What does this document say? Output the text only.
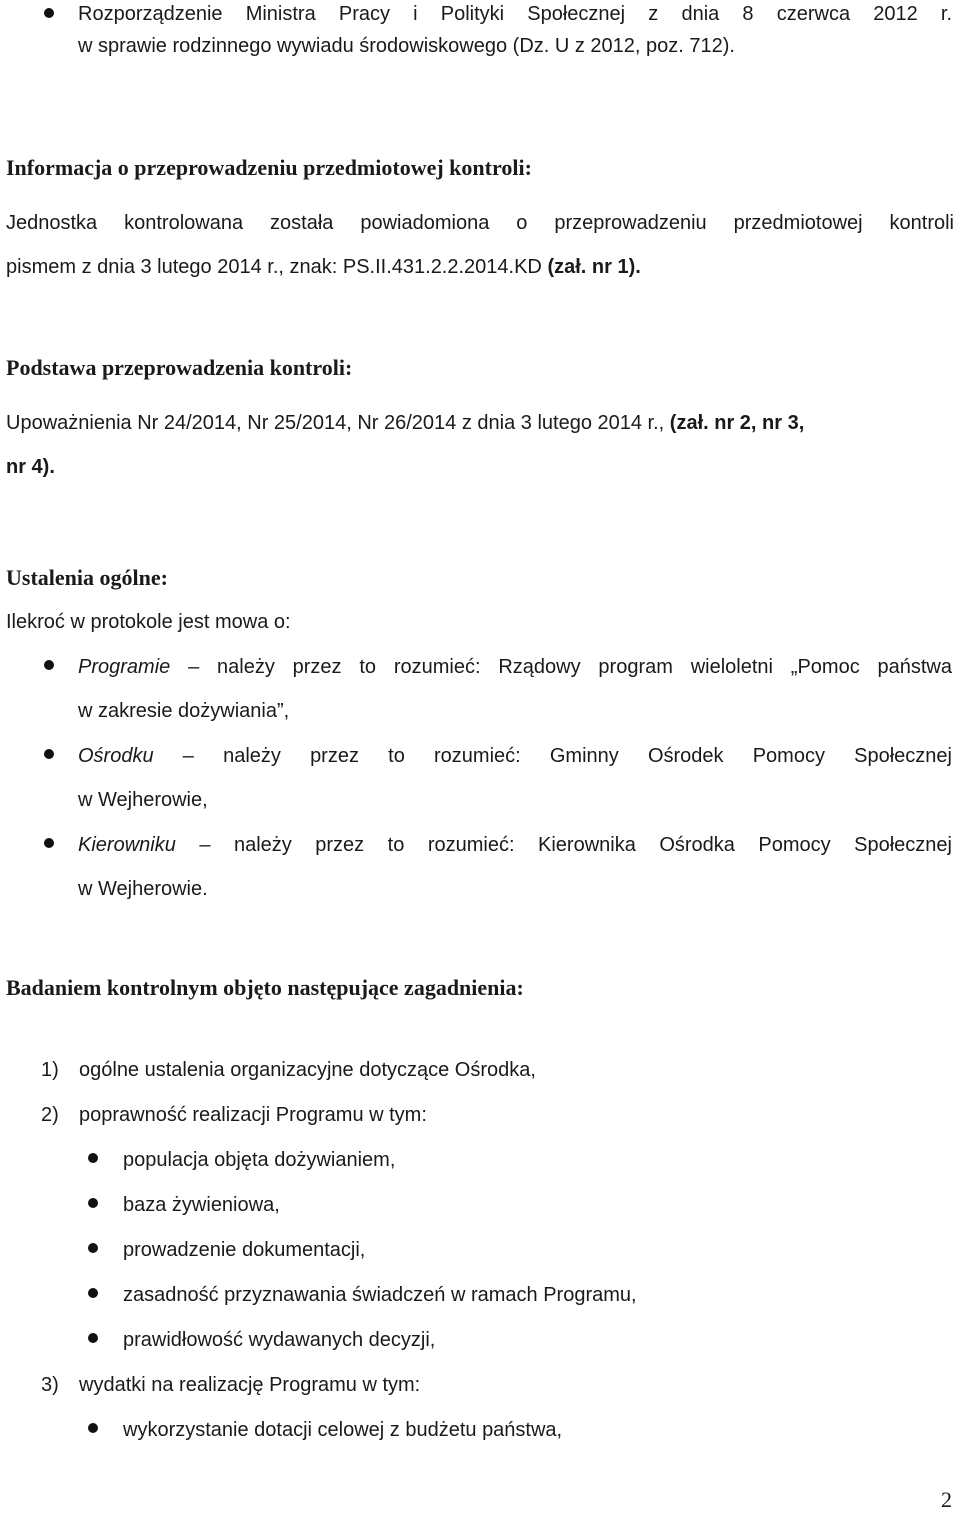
Rozporządzenie Ministra Pracy i Polityki Społecznej z dnia 8 czerwca 2012 r.
w sprawie rodzinnego wywiadu środowiskowego (Dz. U z 2012, poz. 712).
Informacja o przeprowadzeniu przedmiotowej kontroli:
Jednostka kontrolowana została powiadomiona o przeprowadzeniu przedmiotowej kontroli
pismem z dnia 3 lutego 2014 r., znak: PS.II.431.2.2.2014.KD (zał. nr 1).
Podstawa przeprowadzenia kontroli:
Upoważnienia Nr 24/2014, Nr 25/2014, Nr 26/2014 z dnia 3 lutego 2014 r., (zał. nr 2, nr 3,
nr 4).
Ustalenia ogólne:
Ilekroć w protokole jest mowa o:
Programie – należy przez to rozumieć: Rządowy program wieloletni „Pomoc państwa
w zakresie dożywiania”,
Ośrodku – należy przez to rozumieć: Gminny Ośrodek Pomocy Społecznej
w Wejherowie,
Kierowniku – należy przez to rozumieć: Kierownika Ośrodka Pomocy Społecznej
w Wejherowie.
Badaniem kontrolnym objęto następujące zagadnienia:
1) ogólne ustalenia organizacyjne dotyczące Ośrodka,
2) poprawność realizacji Programu w tym:
populacja objęta dożywianiem,
baza żywieniowa,
prowadzenie dokumentacji,
zasadność przyznawania świadczeń w ramach Programu,
prawidłowość wydawanych decyzji,
3) wydatki na realizację Programu w tym:
wykorzystanie dotacji celowej z budżetu państwa,
2
